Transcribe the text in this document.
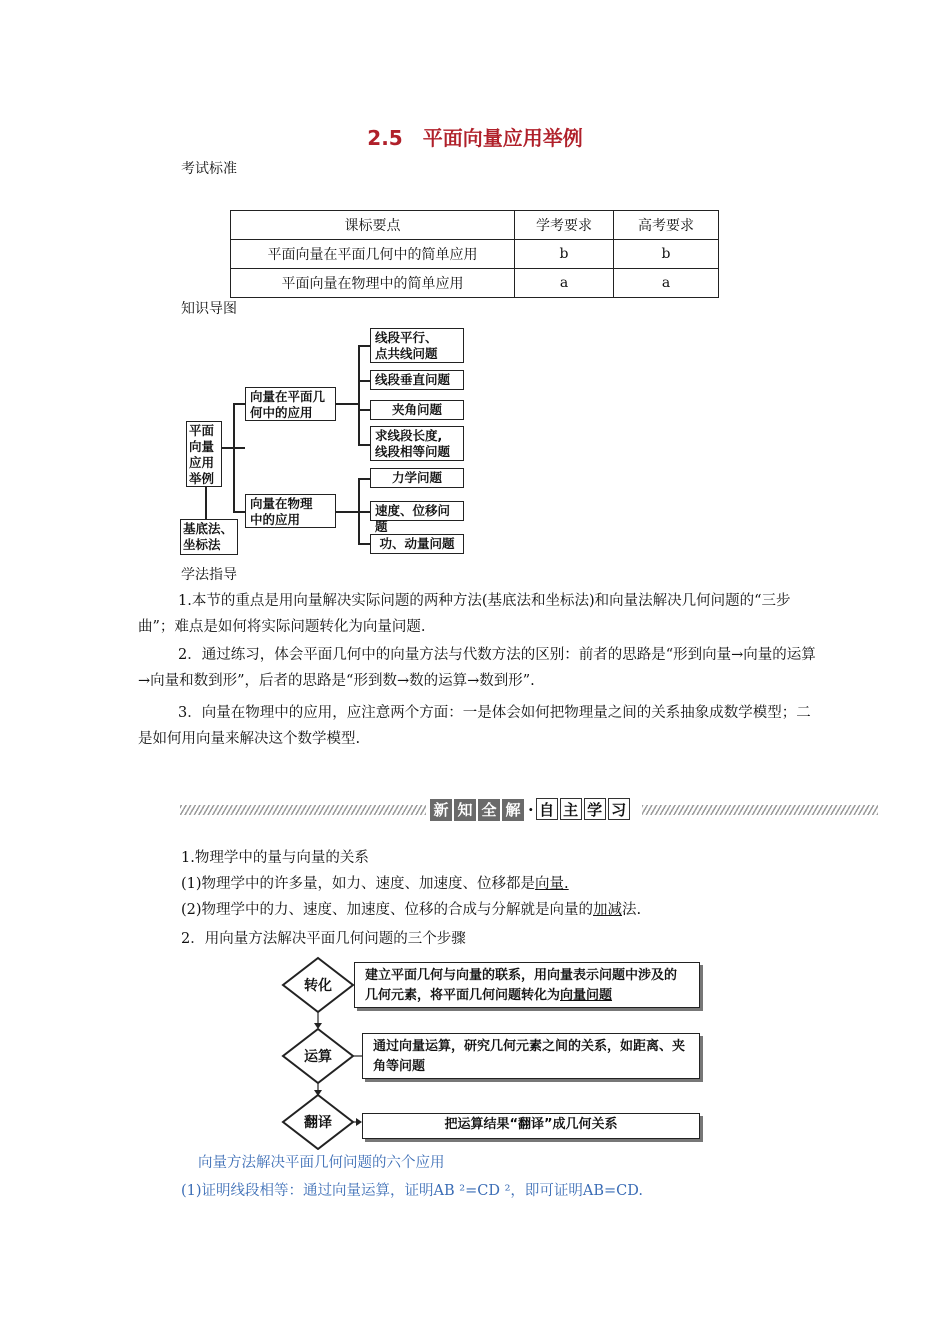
2.5　平面向量应用举例
考试标准
课标要点	学考要求	高考要求
平面向量在平面几何中的简单应用	b	b
平面向量在物理中的简单应用	a	a
知识导图
平面
向量
应用
举例
基底法、
坐标法
向量在平面几
何中的应用
向量在物理
中的应用
线段平行、
点共线问题
线段垂直问题
夹角问题
求线段长度,
线段相等问题
力学问题
速度、位移问题
功、动量问题
学法指导
1.本节的重点是用向量解决实际问题的两种方法(基底法和坐标法)和向量法解决几何问题的“三步曲”；难点是如何将实际问题转化为向量问题.
2．通过练习，体会平面几何中的向量方法与代数方法的区别：前者的思路是“形到向量→向量的运算→向量和数到形”，后者的思路是“形到数→数的运算→数到形”.
3．向量在物理中的应用，应注意两个方面：一是体会如何把物理量之间的关系抽象成数学模型；二是如何用向量来解决这个数学模型.
新 知 全 解 · 自 主 学 习
1.物理学中的量与向量的关系
(1)物理学中的许多量，如力、速度、加速度、位移都是向量.
(2)物理学中的力、速度、加速度、位移的合成与分解就是向量的加减法.
2．用向量方法解决平面几何问题的三个步骤
转化
运算
翻译
建立平面几何与向量的联系，用向量表示问题中涉及的几何元素，将平面几何问题转化为向量问题
通过向量运算，研究几何元素之间的关系，如距离、夹角等问题
把运算结果“翻译”成几何关系
向量方法解决平面几何问题的六个应用
(1)证明线段相等：通过向量运算，证明AB ²=CD ²，即可证明AB=CD.
